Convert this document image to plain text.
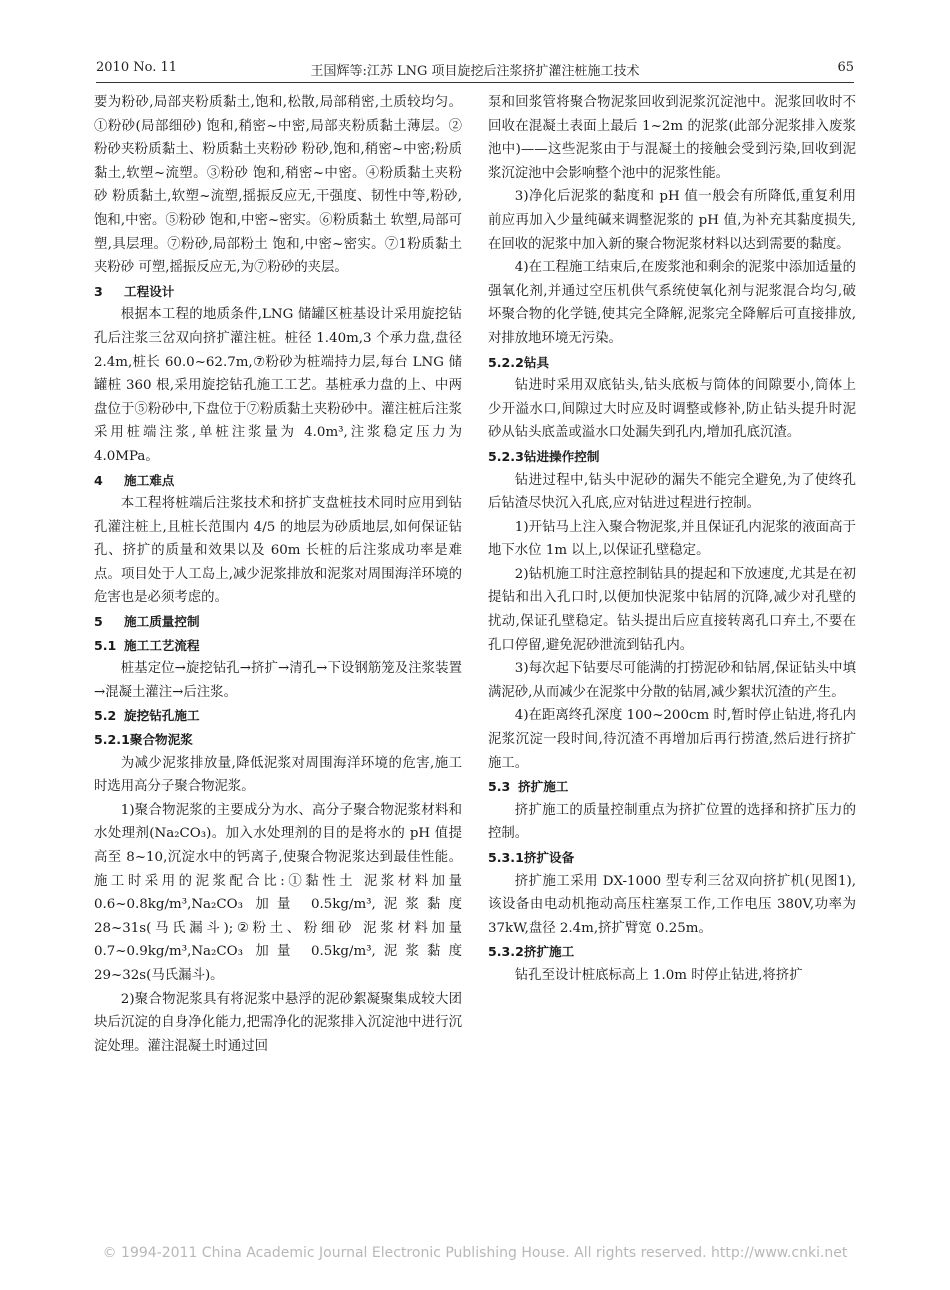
2010 No. 11	王国辉等:江苏 LNG 项目旋挖后注浆挤扩灌注桩施工技术	65

要为粉砂,局部夹粉质黏土,饱和,松散,局部稍密,土质较均匀。①粉砂(局部细砂) 饱和,稍密~中密,局部夹粉质黏土薄层。②粉砂夹粉质黏土、粉质黏土夹粉砂 粉砂,饱和,稍密~中密;粉质黏土,软塑~流塑。③粉砂 饱和,稍密~中密。④粉质黏土夹粉砂 粉质黏土,软塑~流塑,摇振反应无,干强度、韧性中等,粉砂,饱和,中密。⑤粉砂 饱和,中密~密实。⑥粉质黏土 软塑,局部可塑,具层理。⑦粉砂,局部粉土 饱和,中密~密实。⑦1粉质黏土夹粉砂 可塑,摇振反应无,为⑦粉砂的夹层。

3 工程设计

根据本工程的地质条件,LNG 储罐区桩基设计采用旋挖钻孔后注浆三岔双向挤扩灌注桩。桩径 1.40m,3 个承力盘,盘径 2.4m,桩长 60.0~62.7m,⑦粉砂为桩端持力层,每台 LNG 储罐桩 360 根,采用旋挖钻孔施工工艺。基桩承力盘的上、中两盘位于⑤粉砂中,下盘位于⑦粉质黏土夹粉砂中。灌注桩后注浆采用桩端注浆,单桩注浆量为 4.0m³,注浆稳定压力为 4.0MPa。

4 施工难点

本工程将桩端后注浆技术和挤扩支盘桩技术同时应用到钻孔灌注桩上,且桩长范围内 4/5 的地层为砂质地层,如何保证钻孔、挤扩的质量和效果以及 60m 长桩的后注浆成功率是难点。项目处于人工岛上,减少泥浆排放和泥浆对周围海洋环境的危害也是必须考虑的。

5 施工质量控制
5.1 施工工艺流程

桩基定位→旋挖钻孔→挤扩→清孔→下设钢筋笼及注浆装置→混凝土灌注→后注浆。

5.2 旋挖钻孔施工
5.2.1聚合物泥浆

为减少泥浆排放量,降低泥浆对周围海洋环境的危害,施工时选用高分子聚合物泥浆。

1)聚合物泥浆的主要成分为水、高分子聚合物泥浆材料和水处理剂(Na₂CO₃)。加入水处理剂的目的是将水的 pH 值提高至 8~10,沉淀水中的钙离子,使聚合物泥浆达到最佳性能。施工时采用的泥浆配合比:①黏性土 泥浆材料加量 0.6~0.8kg/m³,Na₂CO₃ 加量 0.5kg/m³,泥浆黏度 28~31s(马氏漏斗);②粉土、粉细砂 泥浆材料加量 0.7~0.9kg/m³,Na₂CO₃ 加量 0.5kg/m³,泥浆黏度 29~32s(马氏漏斗)。

2)聚合物泥浆具有将泥浆中悬浮的泥砂絮凝聚集成较大团块后沉淀的自身净化能力,把需净化的泥浆排入沉淀池中进行沉淀处理。灌注混凝土时通过回

泵和回浆管将聚合物泥浆回收到泥浆沉淀池中。泥浆回收时不回收在混凝土表面上最后 1~2m 的泥浆(此部分泥浆排入废浆池中)——这些泥浆由于与混凝土的接触会受到污染,回收到泥浆沉淀池中会影响整个池中的泥浆性能。

3)净化后泥浆的黏度和 pH 值一般会有所降低,重复利用前应再加入少量纯碱来调整泥浆的 pH 值,为补充其黏度损失,在回收的泥浆中加入新的聚合物泥浆材料以达到需要的黏度。

4)在工程施工结束后,在废浆池和剩余的泥浆中添加适量的强氧化剂,并通过空压机供气系统使氧化剂与泥浆混合均匀,破坏聚合物的化学链,使其完全降解,泥浆完全降解后可直接排放,对排放地环境无污染。

5.2.2钻具

钻进时采用双底钻头,钻头底板与筒体的间隙要小,筒体上少开溢水口,间隙过大时应及时调整或修补,防止钻头提升时泥砂从钻头底盖或溢水口处漏失到孔内,增加孔底沉渣。

5.2.3钻进操作控制

钻进过程中,钻头中泥砂的漏失不能完全避免,为了使终孔后钻渣尽快沉入孔底,应对钻进过程进行控制。

1)开钻马上注入聚合物泥浆,并且保证孔内泥浆的液面高于地下水位 1m 以上,以保证孔壁稳定。

2)钻机施工时注意控制钻具的提起和下放速度,尤其是在初提钻和出入孔口时,以便加快泥浆中钻屑的沉降,减少对孔壁的扰动,保证孔壁稳定。钻头提出后应直接转离孔口弃土,不要在孔口停留,避免泥砂泄流到钻孔内。

3)每次起下钻要尽可能满的打捞泥砂和钻屑,保证钻头中填满泥砂,从而减少在泥浆中分散的钻屑,减少絮状沉渣的产生。

4)在距离终孔深度 100~200cm 时,暂时停止钻进,将孔内泥浆沉淀一段时间,待沉渣不再增加后再行捞渣,然后进行挤扩施工。

5.3 挤扩施工

挤扩施工的质量控制重点为挤扩位置的选择和挤扩压力的控制。

5.3.1挤扩设备

挤扩施工采用 DX-1000 型专利三岔双向挤扩机(见图1),该设备由电动机拖动高压柱塞泵工作,工作电压 380V,功率为 37kW,盘径 2.4m,挤扩臂宽 0.25m。

5.3.2挤扩施工

钻孔至设计桩底标高上 1.0m 时停止钻进,将挤扩

© 1994-2011 China Academic Journal Electronic Publishing House. All rights reserved. http://www.cnki.net
